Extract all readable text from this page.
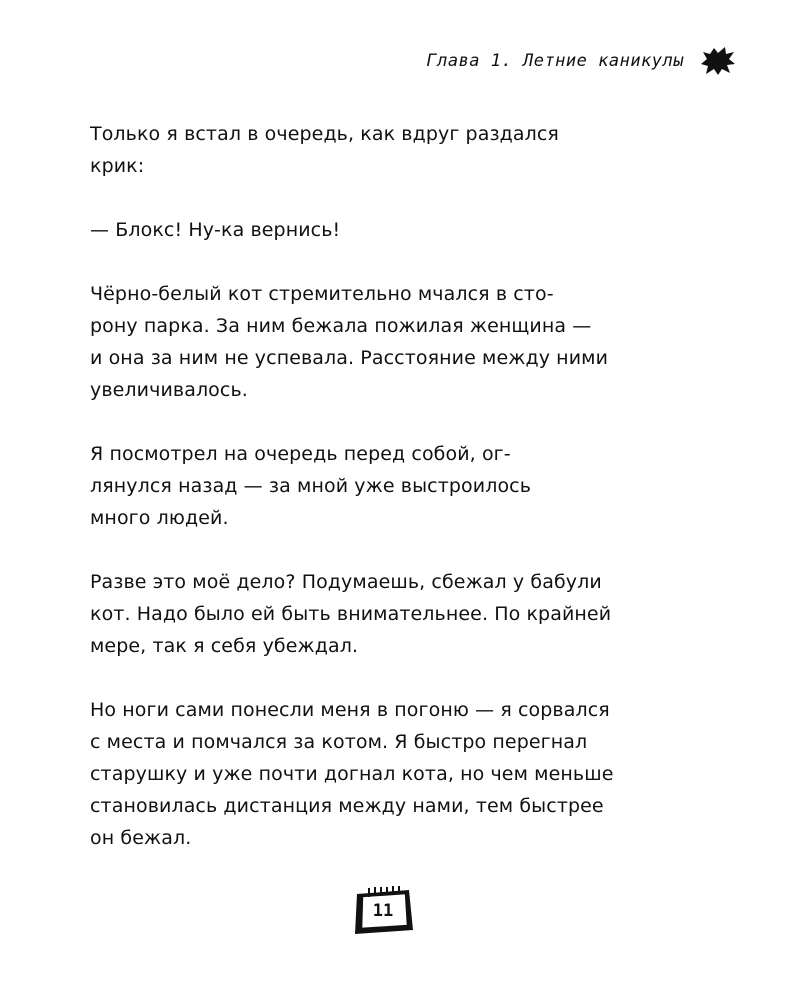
Глава 1. Летние каникулы

Только я встал в очередь, как вдруг раздался
крик:

— Блокс! Ну-ка вернись!

Чёрно-белый кот стремительно мчался в сто-
рону парка. За ним бежала пожилая женщина —
и она за ним не успевала. Расстояние между ними
увеличивалось.

Я посмотрел на очередь перед собой, ог-
лянулся назад — за мной уже выстроилось
много людей.

Разве это моё дело? Подумаешь, сбежал у бабули
кот. Надо было ей быть внимательнее. По крайней
мере, так я себя убеждал.

Но ноги сами понесли меня в погоню — я сорвался
с места и помчался за котом. Я быстро перегнал
старушку и уже почти догнал кота, но чем меньше
становилась дистанция между нами, тем быстрее
он бежал.

11
